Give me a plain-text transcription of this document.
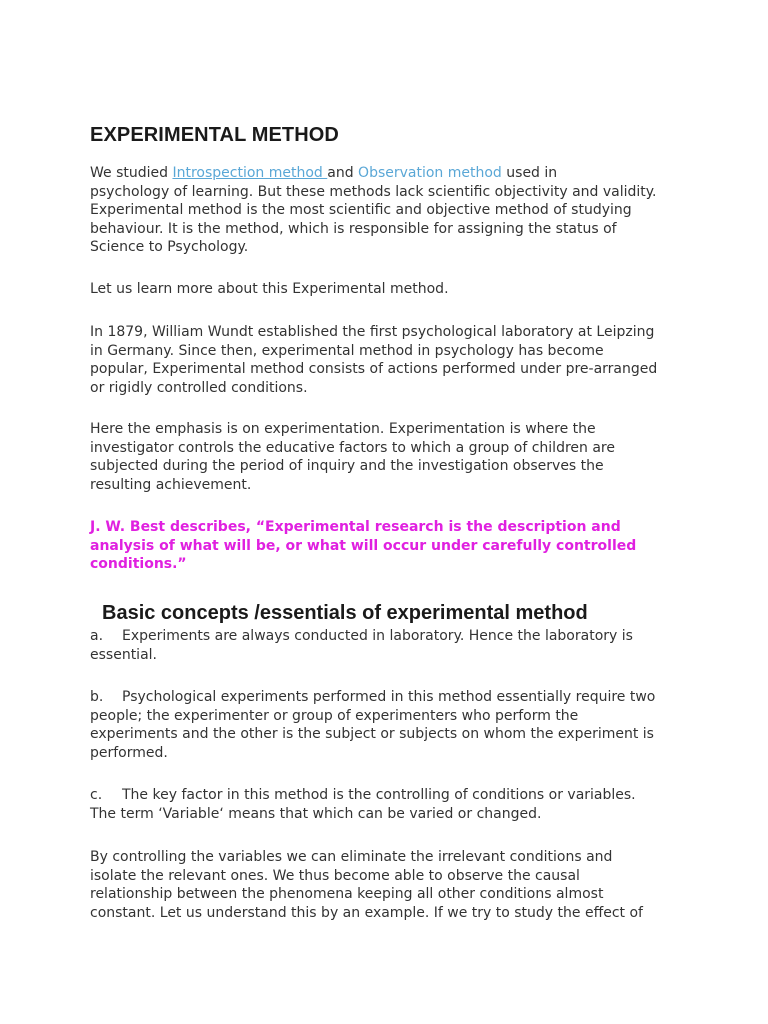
EXPERIMENTAL METHOD

We studied Introspection method and Observation method used in
psychology of learning. But these methods lack scientific objectivity and validity.
Experimental method is the most scientific and objective method of studying
behaviour. It is the method, which is responsible for assigning the status of
Science to Psychology.

Let us learn more about this Experimental method.

In 1879, William Wundt established the first psychological laboratory at Leipzing
in Germany. Since then, experimental method in psychology has become
popular, Experimental method consists of actions performed under pre-arranged
or rigidly controlled conditions.

Here the emphasis is on experimentation. Experimentation is where the
investigator controls the educative factors to which a group of children are
subjected during the period of inquiry and the investigation observes the
resulting achievement.

J. W. Best describes, “Experimental research is the description and
analysis of what will be, or what will occur under carefully controlled
conditions.”

Basic concepts /essentials of experimental method

a. Experiments are always conducted in laboratory. Hence the laboratory is
essential.

b. Psychological experiments performed in this method essentially require two
people; the experimenter or group of experimenters who perform the
experiments and the other is the subject or subjects on whom the experiment is
performed.

c. The key factor in this method is the controlling of conditions or variables.
The term ‘Variable‘ means that which can be varied or changed.

By controlling the variables we can eliminate the irrelevant conditions and
isolate the relevant ones. We thus become able to observe the causal
relationship between the phenomena keeping all other conditions almost
constant. Let us understand this by an example. If we try to study the effect of
